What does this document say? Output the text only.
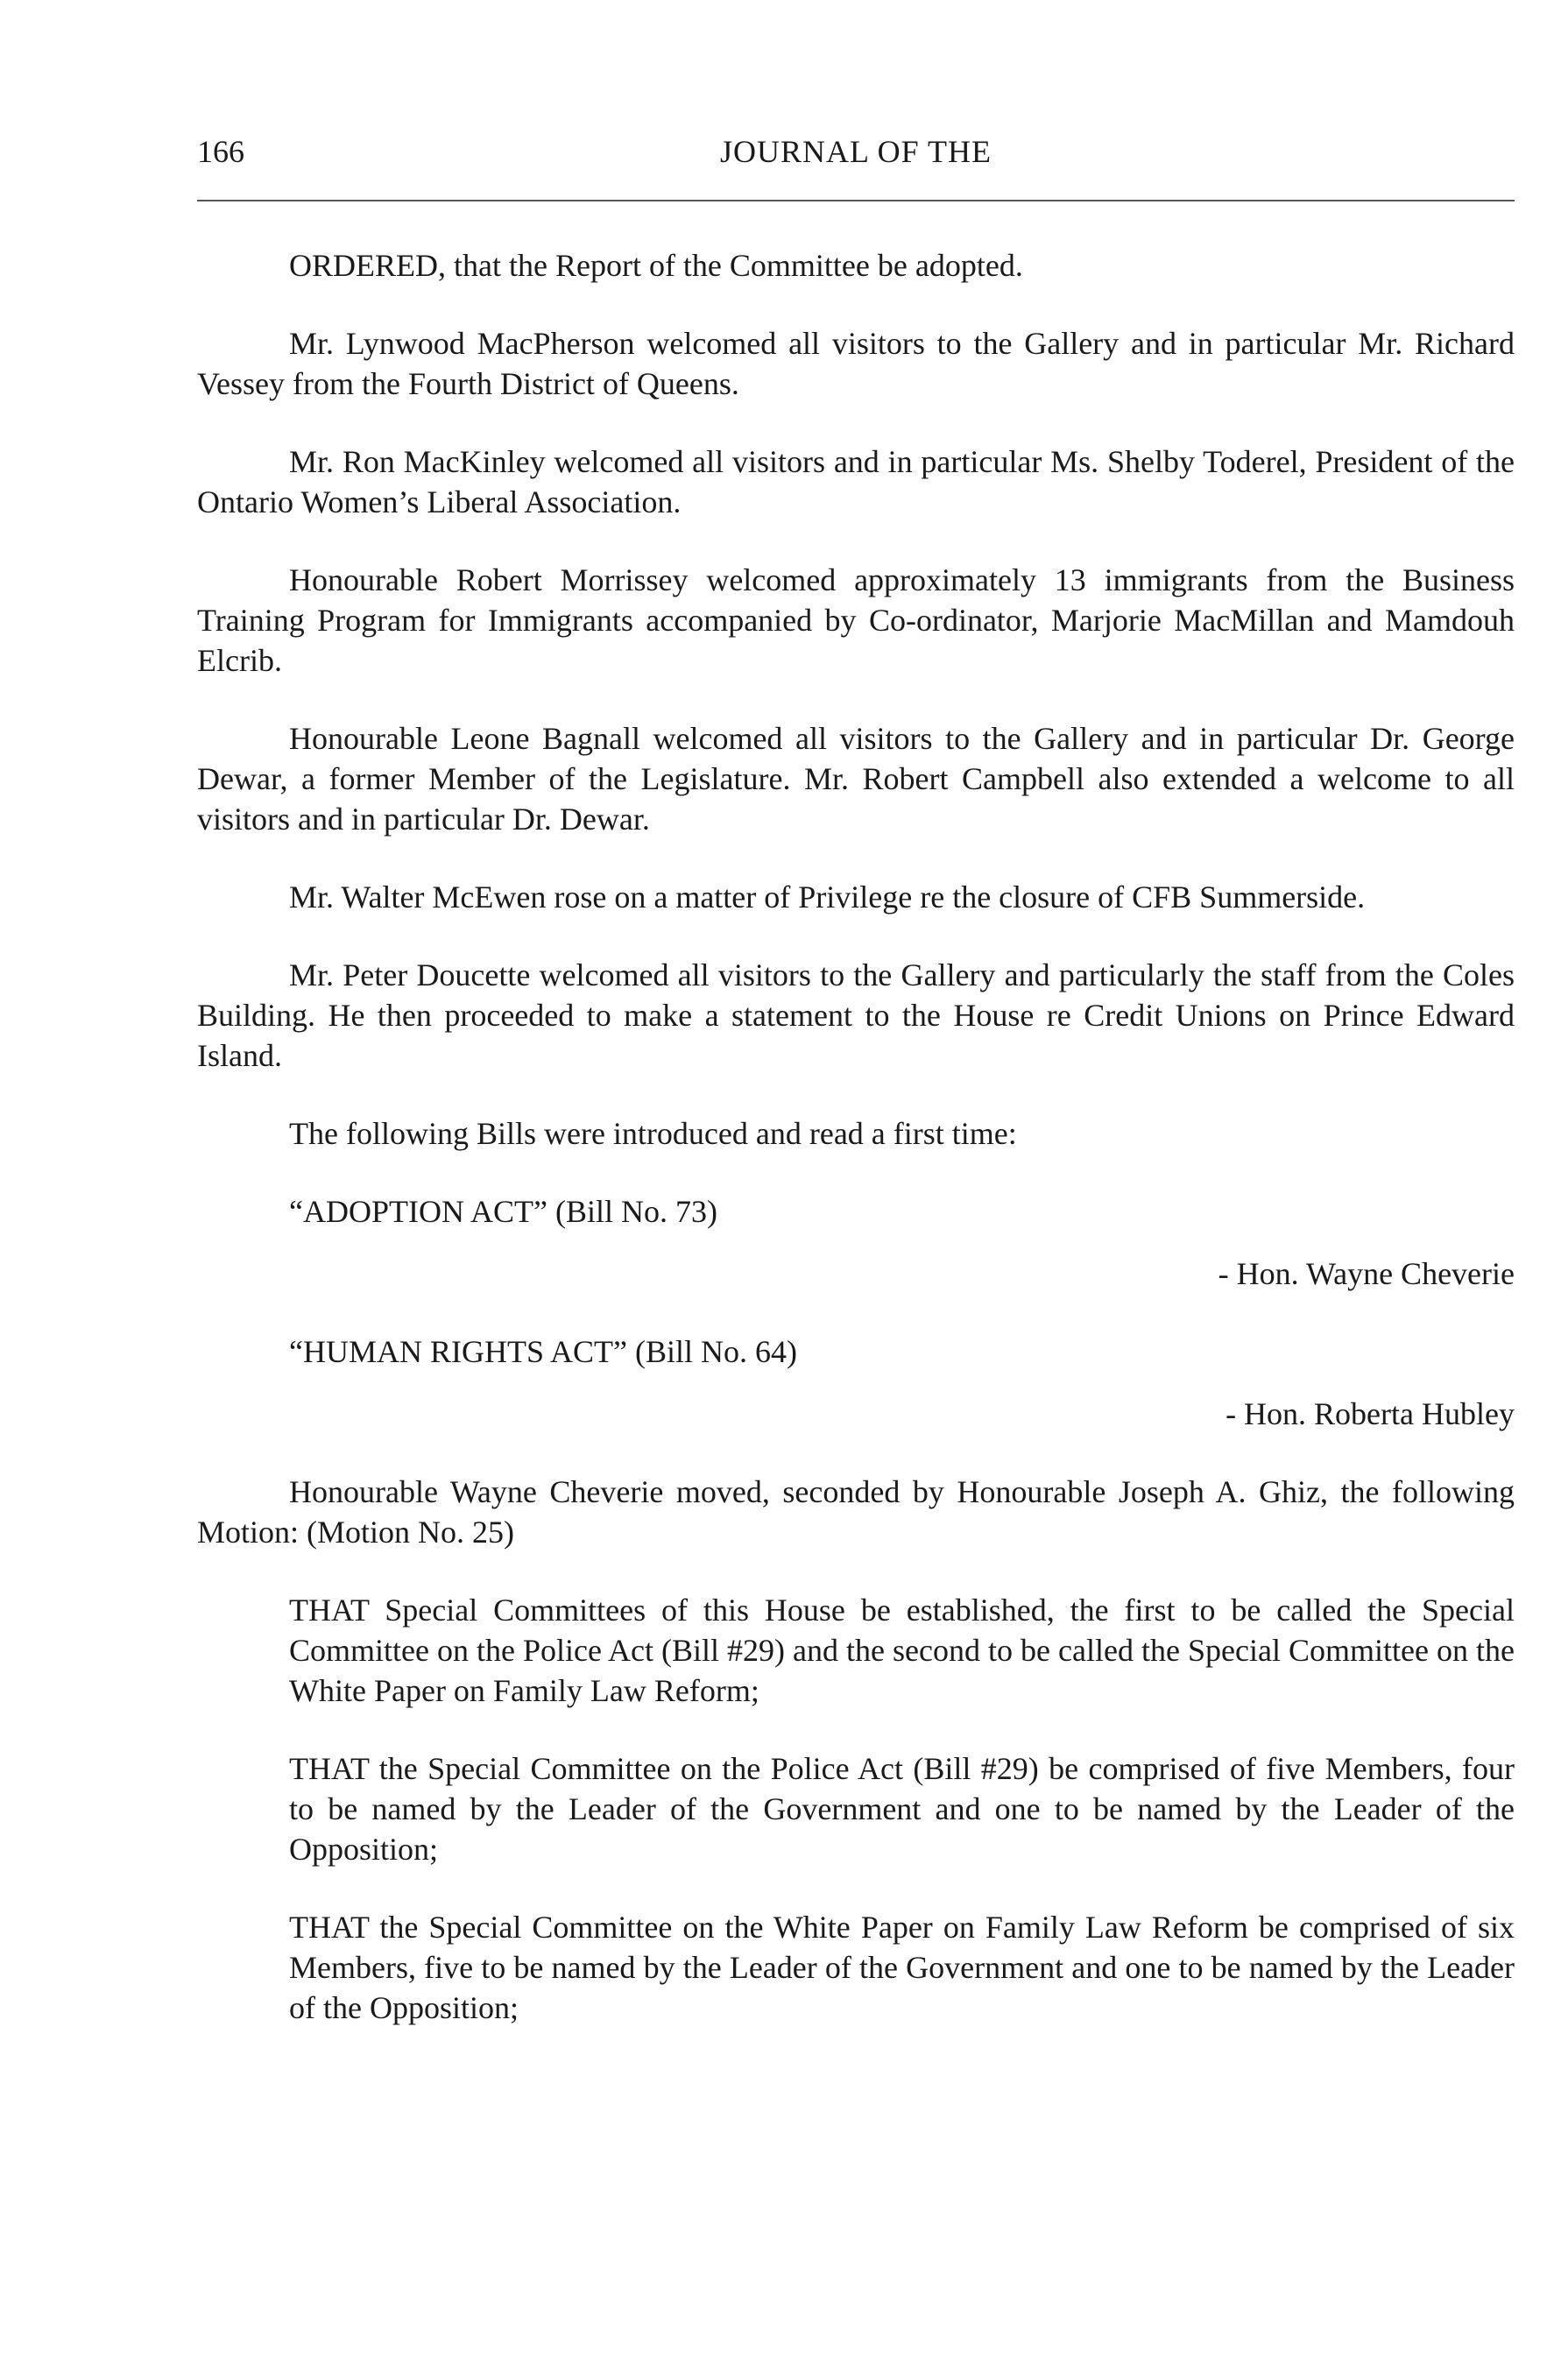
166	JOURNAL OF THE

ORDERED, that the Report of the Committee be adopted.

Mr. Lynwood MacPherson welcomed all visitors to the Gallery and in particular Mr. Richard Vessey from the Fourth District of Queens.

Mr. Ron MacKinley welcomed all visitors and in particular Ms. Shelby Toderel, President of the Ontario Women’s Liberal Association.

Honourable Robert Morrissey welcomed approximately 13 immigrants from the Business Training Program for Immigrants accompanied by Co-ordinator, Marjorie MacMillan and Mamdouh Elcrib.

Honourable Leone Bagnall welcomed all visitors to the Gallery and in particular Dr. George Dewar, a former Member of the Legislature. Mr. Robert Campbell also extended a welcome to all visitors and in particular Dr. Dewar.

Mr. Walter McEwen rose on a matter of Privilege re the closure of CFB Summerside.

Mr. Peter Doucette welcomed all visitors to the Gallery and particularly the staff from the Coles Building. He then proceeded to make a statement to the House re Credit Unions on Prince Edward Island.

The following Bills were introduced and read a first time:

“ADOPTION ACT” (Bill No. 73)

- Hon. Wayne Cheverie

“HUMAN RIGHTS ACT” (Bill No. 64)

- Hon. Roberta Hubley

Honourable Wayne Cheverie moved, seconded by Honourable Joseph A. Ghiz, the following Motion: (Motion No. 25)

THAT Special Committees of this House be established, the first to be called the Special Committee on the Police Act (Bill #29) and the second to be called the Special Committee on the White Paper on Family Law Reform;

THAT the Special Committee on the Police Act (Bill #29) be comprised of five Members, four to be named by the Leader of the Government and one to be named by the Leader of the Opposition;

THAT the Special Committee on the White Paper on Family Law Reform be comprised of six Members, five to be named by the Leader of the Government and one to be named by the Leader of the Opposition;
